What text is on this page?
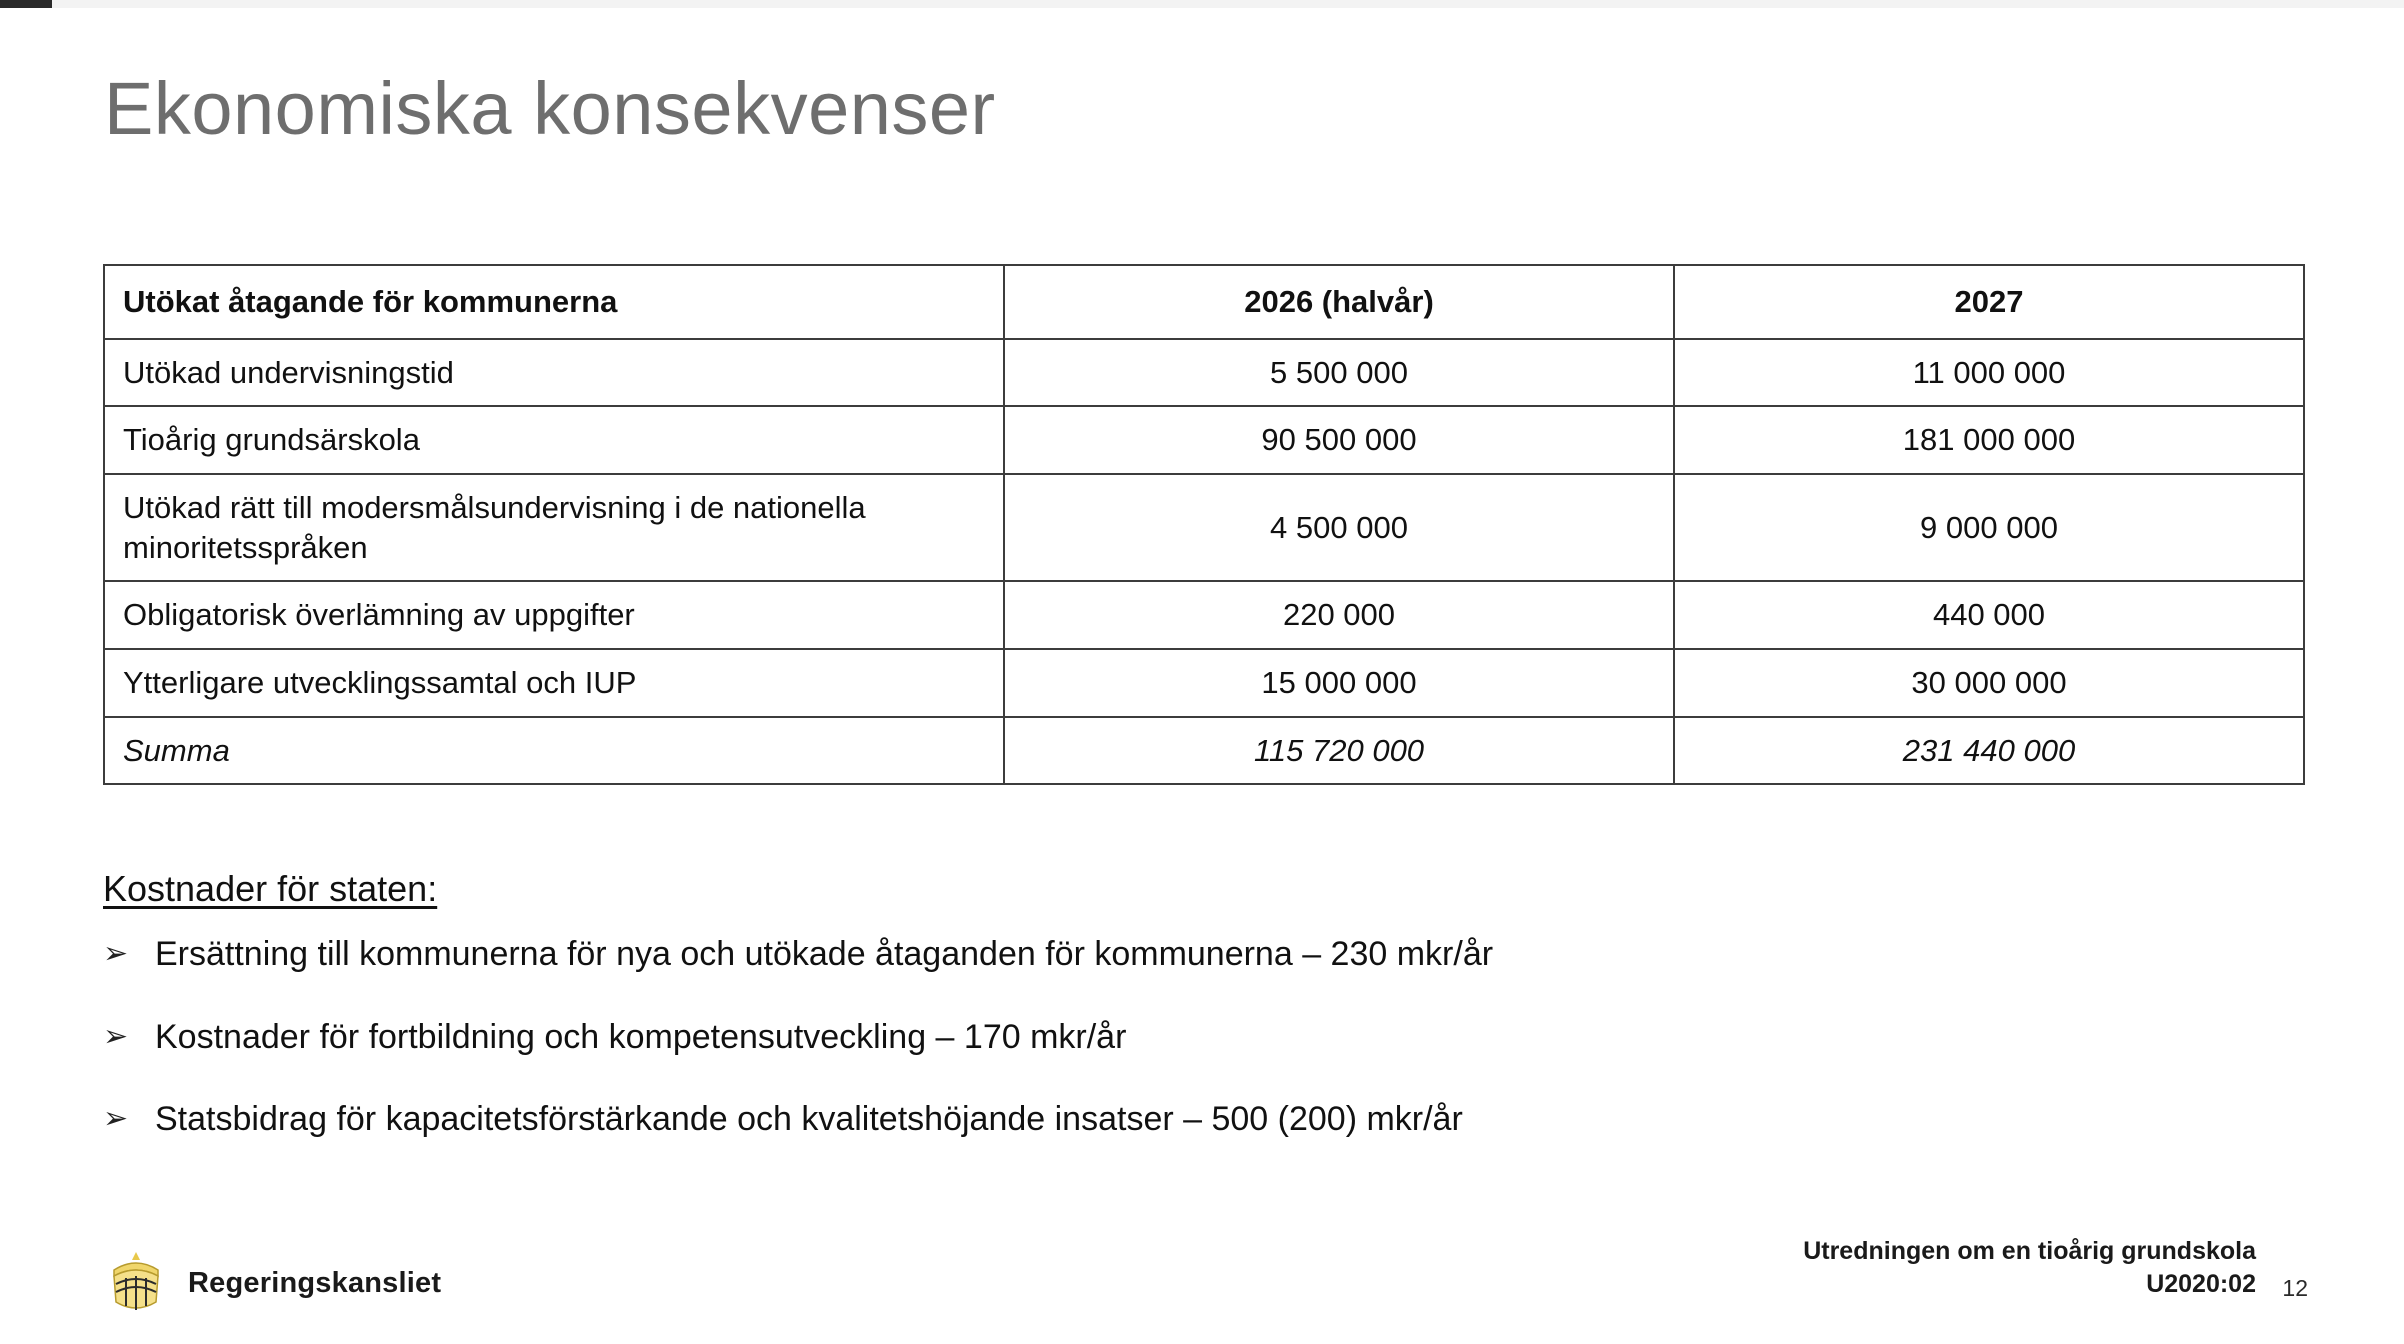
Ekonomiska konsekvenser
Utökat åtagande för kommunerna	2026 (halvår)	2027
Utökad undervisningstid	5 500 000	11 000 000
Tioårig grundsärskola	90 500 000	181 000 000
Utökad rätt till modersmålsundervisning i de nationella minoritetsspråken	4 500 000	9 000 000
Obligatorisk överlämning av uppgifter	220 000	440 000
Ytterligare utvecklingssamtal och IUP	15 000 000	30 000 000
Summa	115 720 000	231 440 000
Kostnader för staten:
➢ Ersättning till kommunerna för nya och utökade åtaganden för kommunerna – 230 mkr/år
➢ Kostnader för fortbildning och kompetensutveckling – 170 mkr/år
➢ Statsbidrag för kapacitetsförstärkande och kvalitetshöjande insatser – 500 (200) mkr/år
Regeringskansliet
Utredningen om en tioårig grundskola
U2020:02 12
